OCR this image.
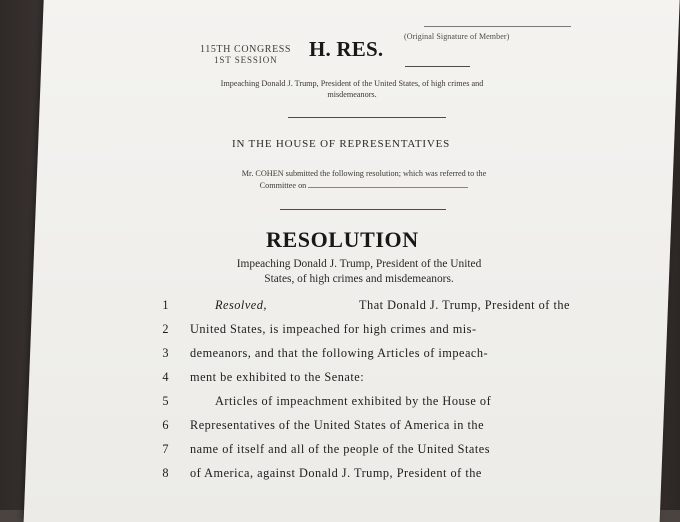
(Original Signature of Member)
115TH CONGRESS
1ST SESSION	H. RES.
Impeaching Donald J. Trump, President of the United States, of high crimes and misdemeanors.
IN THE HOUSE OF REPRESENTATIVES
Mr. COHEN submitted the following resolution; which was referred to the
Committee on
RESOLUTION
Impeaching Donald J. Trump, President of the United
States, of high crimes and misdemeanors.
1	Resolved,	That Donald J. Trump, President of the
2 United States, is impeached for high crimes and mis-
3 demeanors, and that the following Articles of impeach-
4 ment be exhibited to the Senate:
5	Articles of impeachment exhibited by the House of
6 Representatives of the United States of America in the
7 name of itself and all of the people of the United States
8 of America, against Donald J. Trump, President of the
